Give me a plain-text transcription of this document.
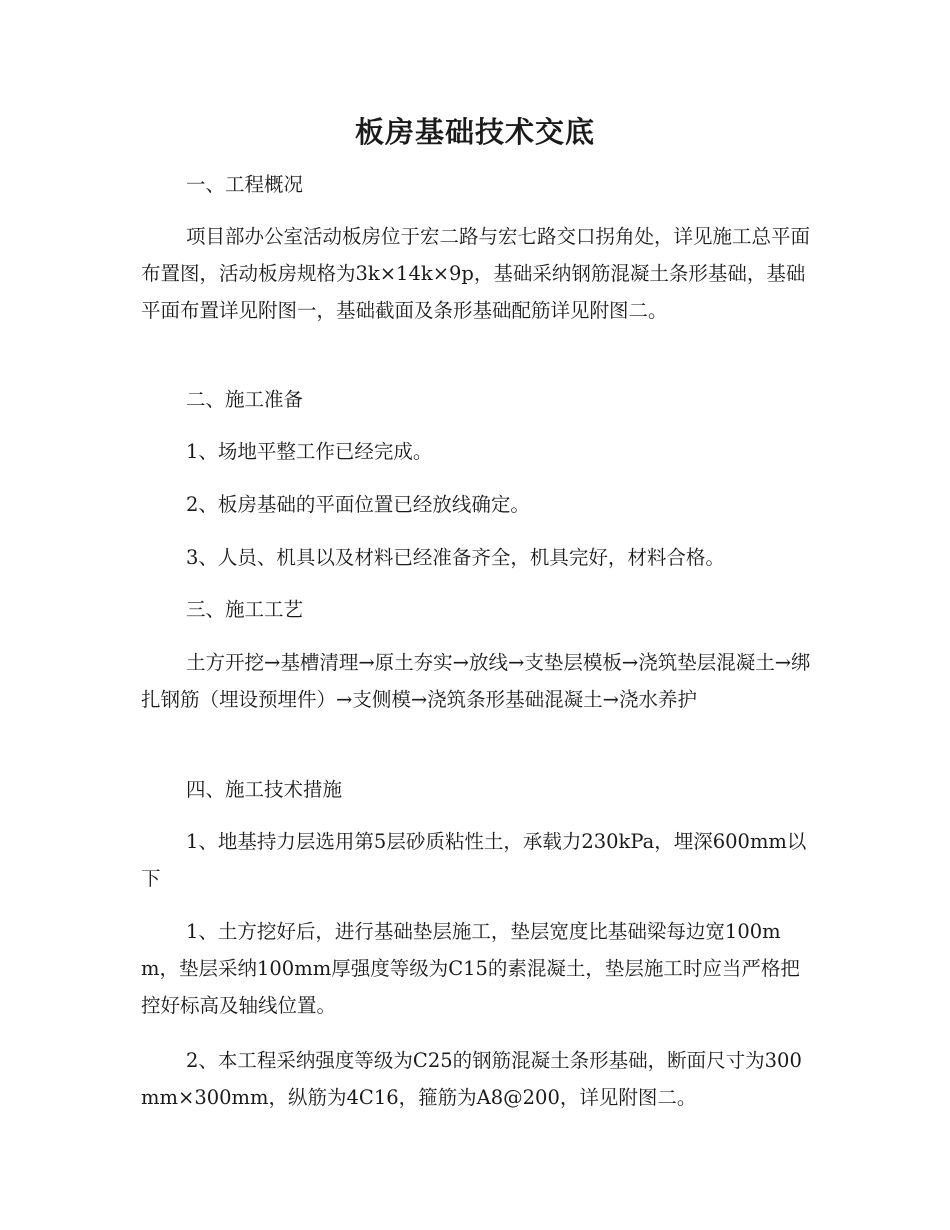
板房基础技术交底

一、工程概况

项目部办公室活动板房位于宏二路与宏七路交口拐角处，详见施工总平面布置图，活动板房规格为3k×14k×9p，基础采纳钢筋混凝土条形基础，基础平面布置详见附图一，基础截面及条形基础配筋详见附图二。

二、施工准备

1、场地平整工作已经完成。

2、板房基础的平面位置已经放线确定。

3、人员、机具以及材料已经准备齐全，机具完好，材料合格。

三、施工工艺

土方开挖→基槽清理→原土夯实→放线→支垫层模板→浇筑垫层混凝土→绑扎钢筋（埋设预埋件）→支侧模→浇筑条形基础混凝土→浇水养护

四、施工技术措施

1、地基持力层选用第5层砂质粘性土，承载力230kPa，埋深600mm以下

1、土方挖好后，进行基础垫层施工，垫层宽度比基础梁每边宽100mm，垫层采纳100mm厚强度等级为C15的素混凝土，垫层施工时应当严格把控好标高及轴线位置。

2、本工程采纳强度等级为C25的钢筋混凝土条形基础，断面尺寸为300mm×300mm，纵筋为4C16，箍筋为A8@200，详见附图二。
